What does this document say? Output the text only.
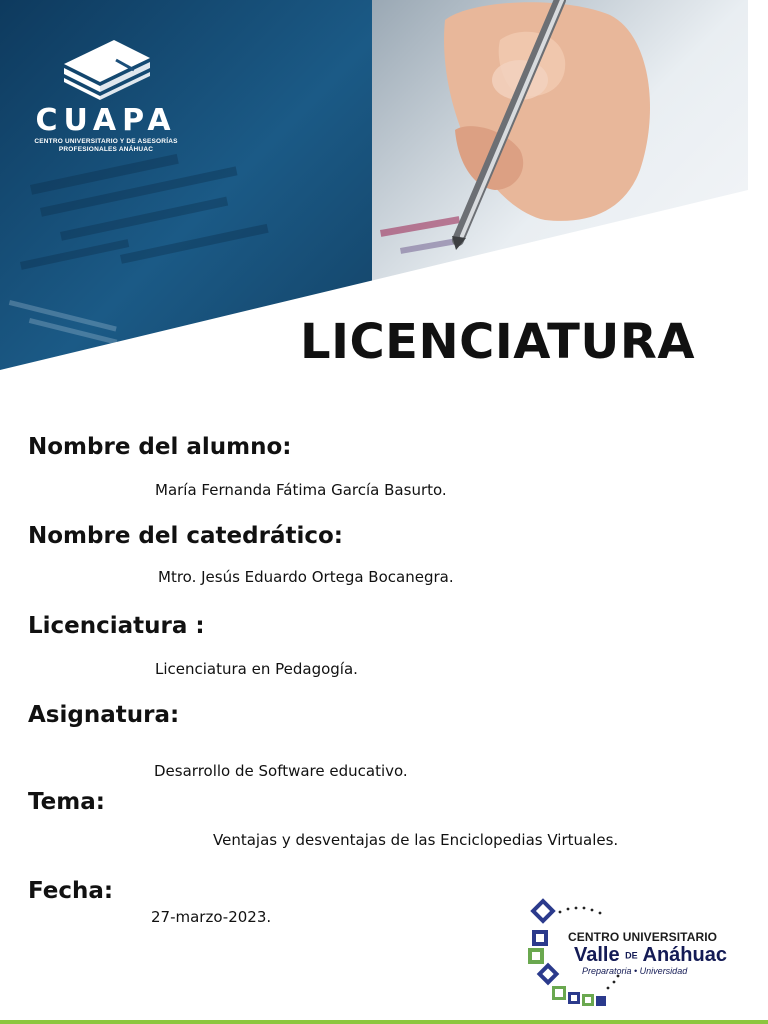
CUAPA
CENTRO UNIVERSITARIO Y DE ASESORÍAS
PROFESIONALES ANÁHUAC
LICENCIATURA
Nombre del alumno:
María Fernanda Fátima García Basurto.
Nombre del catedrático:
Mtro. Jesús Eduardo Ortega Bocanegra.
Licenciatura :
Licenciatura en Pedagogía.
Asignatura:
Desarrollo de Software educativo.
Tema:
Ventajas y desventajas de las Enciclopedias Virtuales.
Fecha:
27-marzo-2023.
CENTRO UNIVERSITARIO
Valle DE Anáhuac
Preparatoria • Universidad
